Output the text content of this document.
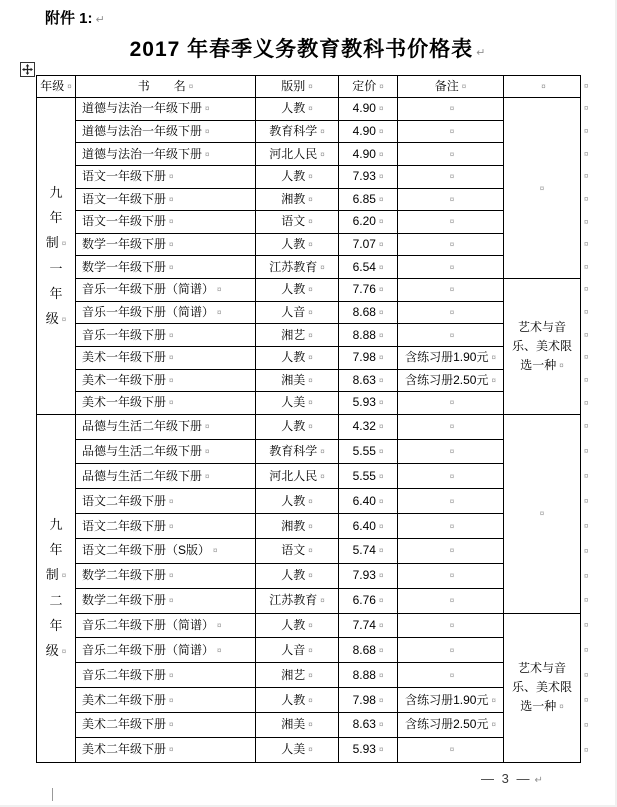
附件 1: ↵
2017 年春季义务教育教科书价格表 ↵
年级 ¤	书　　名 ¤	版别 ¤	定价 ¤	备注 ¤	¤

九
年
制 ¤
一
年
级 ¤
	道德与法治一年级下册 ¤	人教 ¤	4.90 ¤	¤	¤
	道德与法治一年级下册 ¤	教育科学 ¤	4.90 ¤	¤	
	道德与法治一年级下册 ¤	河北人民 ¤	4.90 ¤	¤	
	语文一年级下册 ¤	人教 ¤	7.93 ¤	¤	
	语文一年级下册 ¤	湘教 ¤	6.85 ¤	¤	
	语文一年级下册 ¤	语文 ¤	6.20 ¤	¤	
	数学一年级下册 ¤	人教 ¤	7.07 ¤	¤	
	数学一年级下册 ¤	江苏教育 ¤	6.54 ¤	¤	
	音乐一年级下册（简谱） ¤	人教 ¤	7.76 ¤	¤	艺术与音乐、美术限选一种 ¤
	音乐一年级下册（简谱） ¤	人音 ¤	8.68 ¤	¤	
	音乐一年级下册 ¤	湘艺 ¤	8.88 ¤	¤	
	美术一年级下册 ¤	人教 ¤	7.98 ¤	含练习册1.90元 ¤	
	美术一年级下册 ¤	湘美 ¤	8.63 ¤	含练习册2.50元 ¤	
	美术一年级下册 ¤	人美 ¤	5.93 ¤	¤	

九
年
制 ¤
二
年
级 ¤
	品德与生活二年级下册 ¤	人教 ¤	4.32 ¤	¤	¤
	品德与生活二年级下册 ¤	教育科学 ¤	5.55 ¤	¤	
	品德与生活二年级下册 ¤	河北人民 ¤	5.55 ¤	¤	
	语文二年级下册 ¤	人教 ¤	6.40 ¤	¤	
	语文二年级下册 ¤	湘教 ¤	6.40 ¤	¤	
	语文二年级下册（S版） ¤	语文 ¤	5.74 ¤	¤	
	数学二年级下册 ¤	人教 ¤	7.93 ¤	¤	
	数学二年级下册 ¤	江苏教育 ¤	6.76 ¤	¤	
	音乐二年级下册（简谱） ¤	人教 ¤	7.74 ¤	¤	艺术与音乐、美术限选一种 ¤
	音乐二年级下册（简谱） ¤	人音 ¤	8.68 ¤	¤	
	音乐二年级下册 ¤	湘艺 ¤	8.88 ¤	¤	
	美术二年级下册 ¤	人教 ¤	7.98 ¤	含练习册1.90元 ¤	
	美术二年级下册 ¤	湘美 ¤	8.63 ¤	含练习册2.50元 ¤	
	美术二年级下册 ¤	人美 ¤	5.93 ¤	¤	
¤
¤
¤
¤
¤
¤
¤
¤
¤
¤
¤
¤
¤
¤
¤
¤
¤
¤
¤
¤
¤
¤
¤
¤
¤
¤
¤
¤
¤
— 3 — ↵
